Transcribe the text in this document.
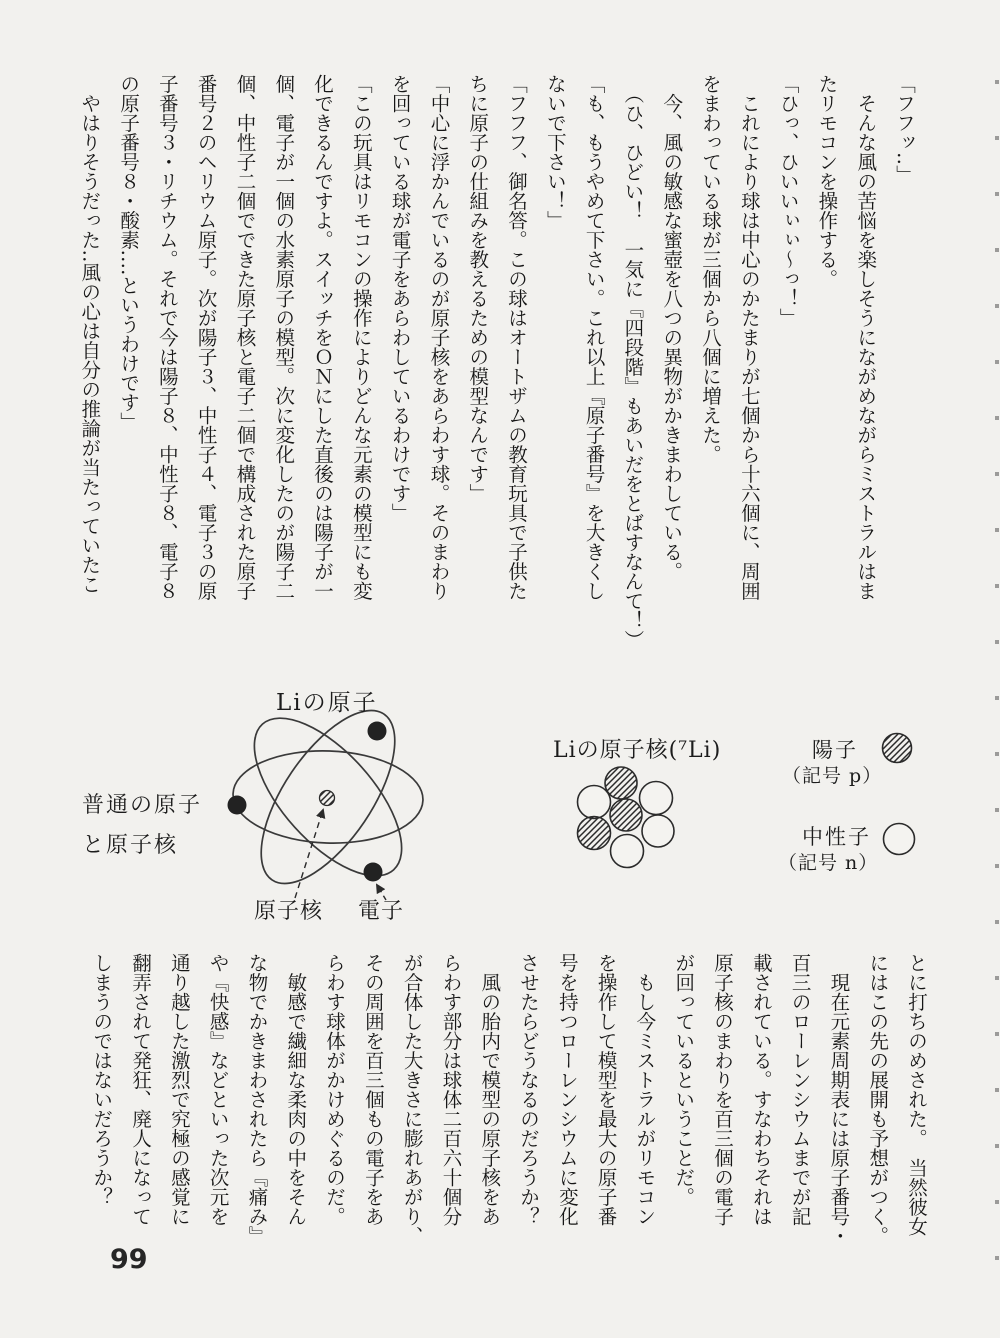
「フフッ‥」
　そんな風の苦悩を楽しそうにながめながらミストラルはま
たリモコンを操作する。
「ひっ、ひいいぃぃ～っ！」
　これにより球は中心のかたまりが七個から十六個に、周囲
をまわっている球が三個から八個に増えた。
　今、風の敏感な蜜壺を八つの異物がかきまわしている。
　（ひ、ひどい！　一気に『四段階』もあいだをとばすなんて！）
「も、もうやめて下さい。これ以上『原子番号』を大きくし
ないで下さい！」
「フフフ、御名答。この球はオートザムの教育玩具で子供た
ちに原子の仕組みを教えるための模型なんです」
「中心に浮かんでいるのが原子核をあらわす球。そのまわり
を回っている球が電子をあらわしているわけです」
「この玩具はリモコンの操作によりどんな元素の模型にも変
化できるんですよ。スイッチをＯＮにした直後のは陽子が一
個、電子が一個の水素原子の模型。次に変化したのが陽子二
個、中性子二個でできた原子核と電子二個で構成された原子
番号２のヘリウム原子。次が陽子３、中性子４、電子３の原
子番号３・リチウム。それで今は陽子８、中性子８、電子８
の原子番号８・酸素‥‥というわけです」
　やはりそうだった‥風の心は自分の推論が当たっていたこ
とに打ちのめされた。　当然彼女
にはこの先の展開も予想がつく。
　現在元素周期表には原子番号・
百三のローレンシウムまでが記
載されている。すなわちそれは
原子核のまわりを百三個の電子
が回っているということだ。
　もし今ミストラルがリモコン
を操作して模型を最大の原子番
号を持つローレンシウムに変化
させたらどうなるのだろうか？
　風の胎内で模型の原子核をあ
らわす部分は球体二百六十個分
が合体した大きさに膨れあがり、
その周囲を百三個もの電子をあ
らわす球体がかけめぐるのだ。
　敏感で繊細な柔肉の中をそん
な物でかきまわされたら『痛み』
や『快感』などといった次元を
通り越した激烈で究極の感覚に
翻弄されて発狂、廃人になって
しまうのではないだろうか？
Liの原子
普通の原子
と原子核
原子核 電子
Liの原子核(⁷Li)	陽子
（記号 p）
中性子
（記号 n）
99
